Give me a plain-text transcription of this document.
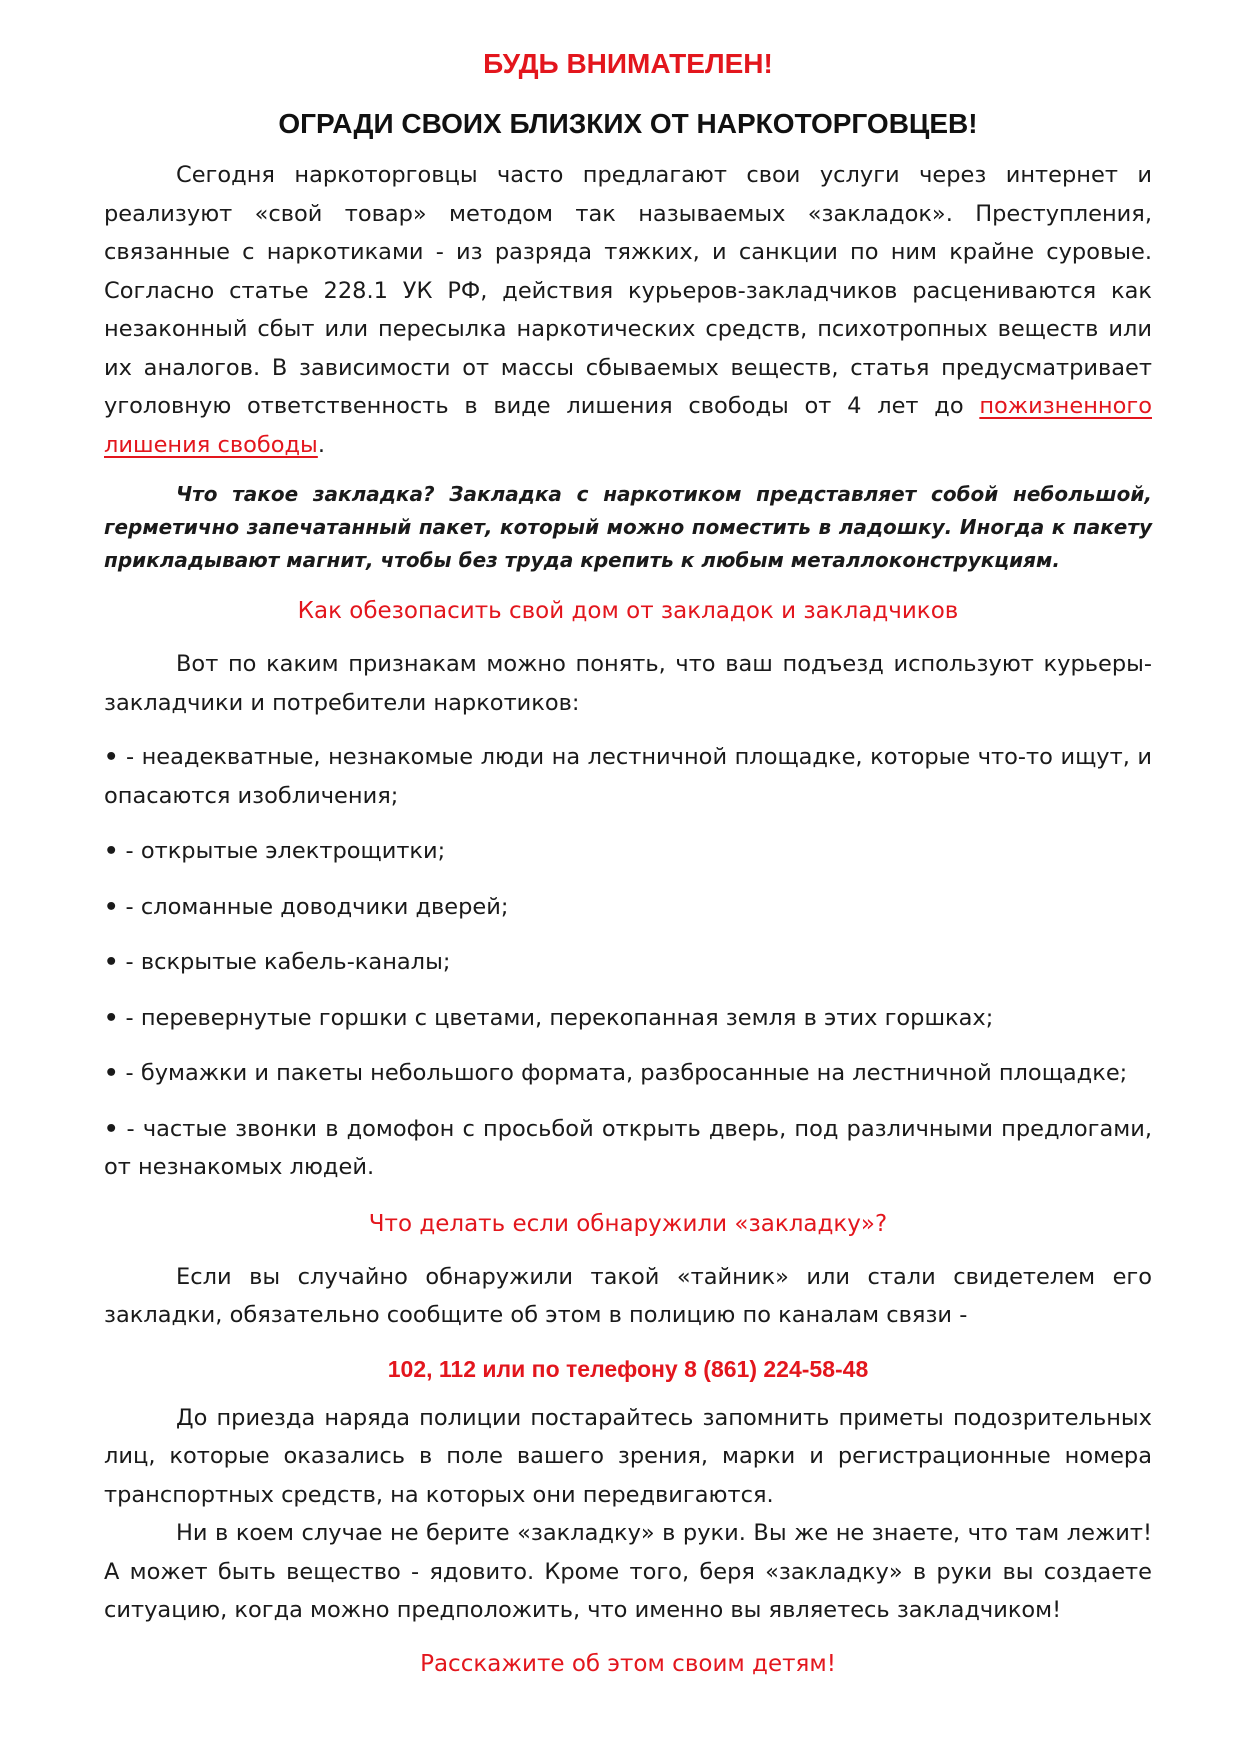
БУДЬ ВНИМАТЕЛЕН!
ОГРАДИ СВОИХ БЛИЗКИХ ОТ НАРКОТОРГОВЦЕВ!

Сегодня наркоторговцы часто предлагают свои услуги через интернет и реализуют «свой товар» методом так называемых «закладок». Преступления, связанные с наркотиками - из разряда тяжких, и санкции по ним крайне суровые. Согласно статье 228.1 УК РФ, действия курьеров-закладчиков расцениваются как незаконный сбыт или пересылка наркотических средств, психотропных веществ или их аналогов. В зависимости от массы сбываемых веществ, статья предусматривает уголовную ответственность в виде лишения свободы от 4 лет до пожизненного лишения свободы.

Что такое закладка? Закладка с наркотиком представляет собой небольшой, герметично запечатанный пакет, который можно поместить в ладошку. Иногда к пакету прикладывают магнит, чтобы без труда крепить к любым металлоконструкциям.

Как обезопасить свой дом от закладок и закладчиков

Вот по каким признакам можно понять, что ваш подъезд используют курьеры-закладчики и потребители наркотиков:

• - неадекватные, незнакомые люди на лестничной площадке, которые что-то ищут, и опасаются изобличения;
• - открытые электрощитки;
• - сломанные доводчики дверей;
• - вскрытые кабель-каналы;
• - перевернутые горшки с цветами, перекопанная земля в этих горшках;
• - бумажки и пакеты небольшого формата, разбросанные на лестничной площадке;
• - частые звонки в домофон с просьбой открыть дверь, под различными предлогами, от незнакомых людей.
Что делать если обнаружили «закладку»?

Если вы случайно обнаружили такой «тайник» или стали свидетелем его закладки, обязательно сообщите об этом в полицию по каналам связи -

102, 112 или по телефону 8 (861) 224-58-48

До приезда наряда полиции постарайтесь запомнить приметы подозрительных лиц, которые оказались в поле вашего зрения, марки и регистрационные номера транспортных средств, на которых они передвигаются.

Ни в коем случае не берите «закладку» в руки. Вы же не знаете, что там лежит! А может быть вещество - ядовито. Кроме того, беря «закладку» в руки вы создаете ситуацию, когда можно предположить, что именно вы являетесь закладчиком!

Расскажите об этом своим детям!
